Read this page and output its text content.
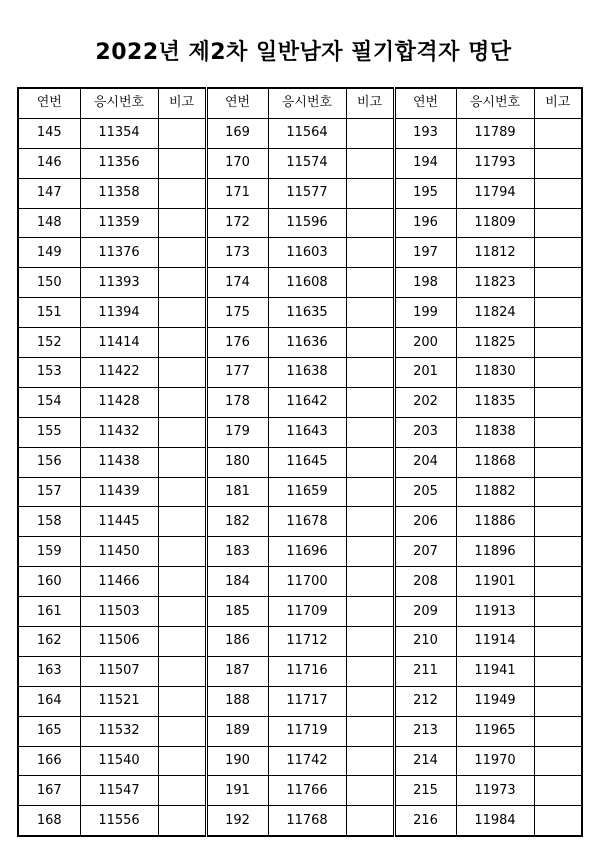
2022년 제2차 일반남자 필기합격자 명단
연번	응시번호	비고	연번	응시번호	비고	연번	응시번호	비고
145	11354		169	11564		193	11789	
146	11356		170	11574		194	11793	
147	11358		171	11577		195	11794	
148	11359		172	11596		196	11809	
149	11376		173	11603		197	11812	
150	11393		174	11608		198	11823	
151	11394		175	11635		199	11824	
152	11414		176	11636		200	11825	
153	11422		177	11638		201	11830	
154	11428		178	11642		202	11835	
155	11432		179	11643		203	11838	
156	11438		180	11645		204	11868	
157	11439		181	11659		205	11882	
158	11445		182	11678		206	11886	
159	11450		183	11696		207	11896	
160	11466		184	11700		208	11901	
161	11503		185	11709		209	11913	
162	11506		186	11712		210	11914	
163	11507		187	11716		211	11941	
164	11521		188	11717		212	11949	
165	11532		189	11719		213	11965	
166	11540		190	11742		214	11970	
167	11547		191	11766		215	11973	
168	11556		192	11768		216	11984	
